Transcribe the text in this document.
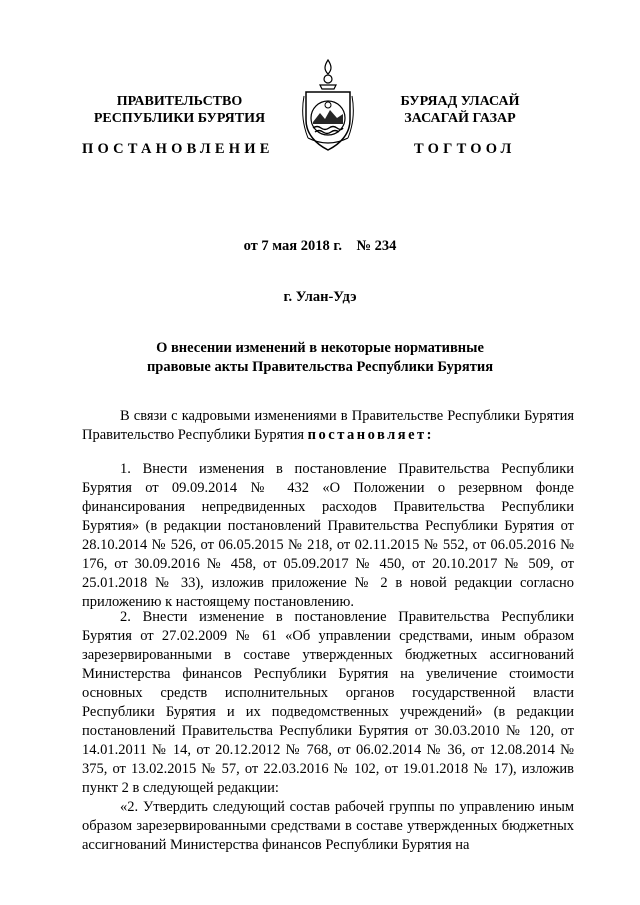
ПРАВИТЕЛЬСТВО
РЕСПУБЛИКИ БУРЯТИЯ
БУРЯАД УЛАСАЙ
ЗАСАГАЙ ГАЗАР
ПОСТАНОВЛЕНИЕ	ТОГТООЛ
от 7 мая 2018 г.    № 234
г. Улан-Удэ
О внесении изменений в некоторые нормативные
правовые акты Правительства Республики Бурятия

В связи с кадровыми изменениями в Правительстве Республики Бурятия Правительство Республики Бурятия постановляет:

1. Внести изменения в постановление Правительства Республики Бурятия от 09.09.2014 № 432 «О Положении о резервном фонде финансирования непредвиденных расходов Правительства Республики Бурятия» (в редакции постановлений Правительства Республики Бурятия от 28.10.2014 № 526, от 06.05.2015 № 218, от 02.11.2015 № 552, от 06.05.2016 № 176, от 30.09.2016 № 458, от 05.09.2017 № 450, от 20.10.2017 № 509, от 25.01.2018 № 33), изложив приложение № 2 в новой редакции согласно приложению к настоящему постановлению.

2. Внести изменение в постановление Правительства Республики Бурятия от 27.02.2009 № 61 «Об управлении средствами, иным образом зарезервированными в составе утвержденных бюджетных ассигнований Министерства финансов Республики Бурятия на увеличение стоимости основных средств исполнительных органов государственной власти Республики Бурятия и их подведомственных учреждений» (в редакции постановлений Правительства Республики Бурятия от 30.03.2010 № 120, от 14.01.2011 № 14, от 20.12.2012 № 768, от 06.02.2014 № 36, от 12.08.2014 № 375, от 13.02.2015 № 57, от 22.03.2016 № 102, от 19.01.2018 № 17), изложив пункт 2 в следующей редакции:

«2. Утвердить следующий состав рабочей группы по управлению иным образом зарезервированными средствами в составе утвержденных бюджетных ассигнований Министерства финансов Республики Бурятия на
